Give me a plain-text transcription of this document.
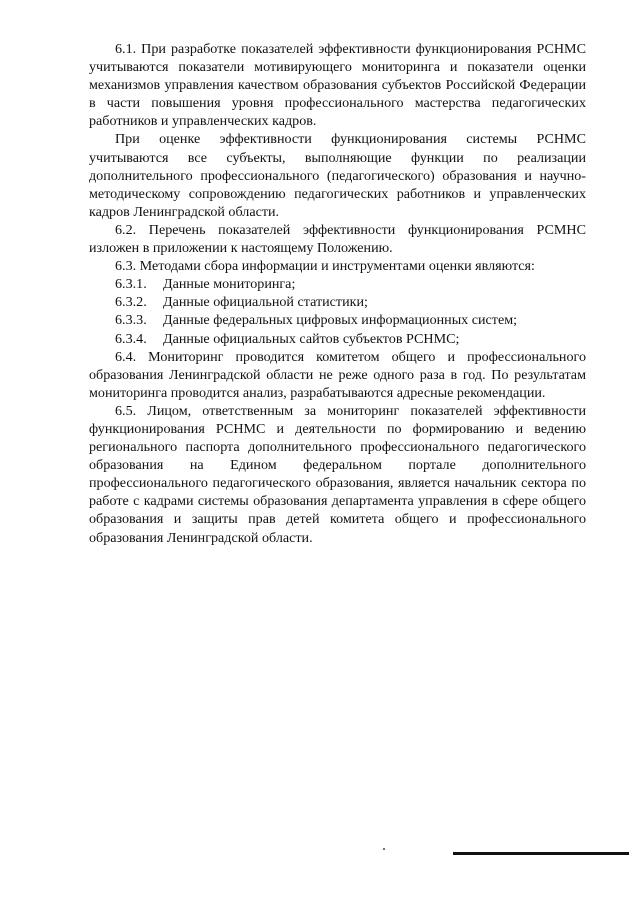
6.1. При разработке показателей эффективности функционирования РСНМС учитываются показатели мотивирующего мониторинга и показатели оценки механизмов управления качеством образования субъектов Российской Федерации в части повышения уровня профессионального мастерства педагогических работников и управленческих кадров.

При оценке эффективности функционирования системы РСНМС учитываются все субъекты, выполняющие функции по реализации дополнительного профессионального (педагогического) образования и научно-методическому сопровождению педагогических работников и управленческих кадров Ленинградской области.

6.2. Перечень показателей эффективности функционирования РСМНС изложен в приложении к настоящему Положению.

6.3. Методами сбора информации и инструментами оценки являются:

6.3.1. Данные мониторинга;

6.3.2. Данные официальной статистики;

6.3.3. Данные федеральных цифровых информационных систем;

6.3.4. Данные официальных сайтов субъектов РСНМС;

6.4. Мониторинг проводится комитетом общего и профессионального образования Ленинградской области не реже одного раза в год. По результатам мониторинга проводится анализ, разрабатываются адресные рекомендации.

6.5. Лицом, ответственным за мониторинг показателей эффективности функционирования РСНМС и деятельности по формированию и ведению регионального паспорта дополнительного профессионального педагогического образования на Едином федеральном портале дополнительного профессионального педагогического образования, является начальник сектора по работе с кадрами системы образования департамента управления в сфере общего образования и защиты прав детей комитета общего и профессионального образования Ленинградской области.
